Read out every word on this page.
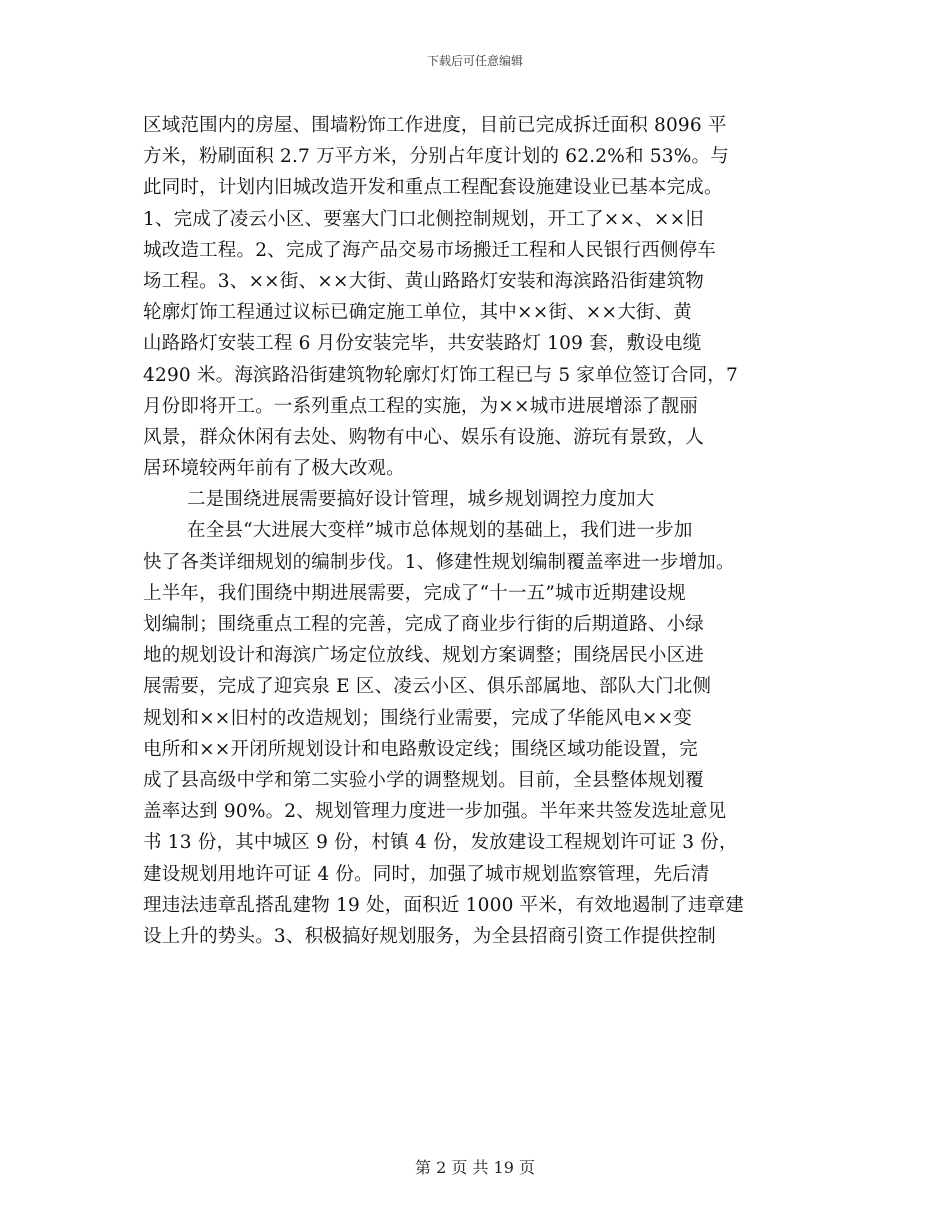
下载后可任意编辑
区域范围内的房屋、围墙粉饰工作进度，目前已完成拆迁面积 8096 平
方米，粉刷面积 2.7 万平方米，分别占年度计划的 62.2%和 53%。与
此同时，计划内旧城改造开发和重点工程配套设施建设业已基本完成。
1、完成了凌云小区、要塞大门口北侧控制规划，开工了××、××旧
城改造工程。2、完成了海产品交易市场搬迁工程和人民银行西侧停车
场工程。3、××街、××大街、黄山路路灯安装和海滨路沿街建筑物
轮廓灯饰工程通过议标已确定施工单位，其中××街、××大街、黄
山路路灯安装工程 6 月份安装完毕，共安装路灯 109 套，敷设电缆
4290 米。海滨路沿街建筑物轮廓灯灯饰工程已与 5 家单位签订合同，7
月份即将开工。一系列重点工程的实施，为××城市进展增添了靓丽
风景，群众休闲有去处、购物有中心、娱乐有设施、游玩有景致，人
居环境较两年前有了极大改观。
二是围绕进展需要搞好设计管理，城乡规划调控力度加大
在全县“大进展大变样”城市总体规划的基础上，我们进一步加
快了各类详细规划的编制步伐。1、修建性规划编制覆盖率进一步增加。
上半年，我们围绕中期进展需要，完成了“十一五”城市近期建设规
划编制；围绕重点工程的完善，完成了商业步行街的后期道路、小绿
地的规划设计和海滨广场定位放线、规划方案调整；围绕居民小区进
展需要，完成了迎宾泉 E 区、凌云小区、俱乐部属地、部队大门北侧
规划和××旧村的改造规划；围绕行业需要，完成了华能风电××变
电所和××开闭所规划设计和电路敷设定线；围绕区域功能设置，完
成了县高级中学和第二实验小学的调整规划。目前，全县整体规划覆
盖率达到 90%。2、规划管理力度进一步加强。半年来共签发选址意见
书 13 份，其中城区 9 份，村镇 4 份，发放建设工程规划许可证 3 份，
建设规划用地许可证 4 份。同时，加强了城市规划监察管理，先后清
理违法违章乱搭乱建物 19 处，面积近 1000 平米，有效地遏制了违章建
设上升的势头。3、积极搞好规划服务，为全县招商引资工作提供控制
第 2 页 共 19 页
